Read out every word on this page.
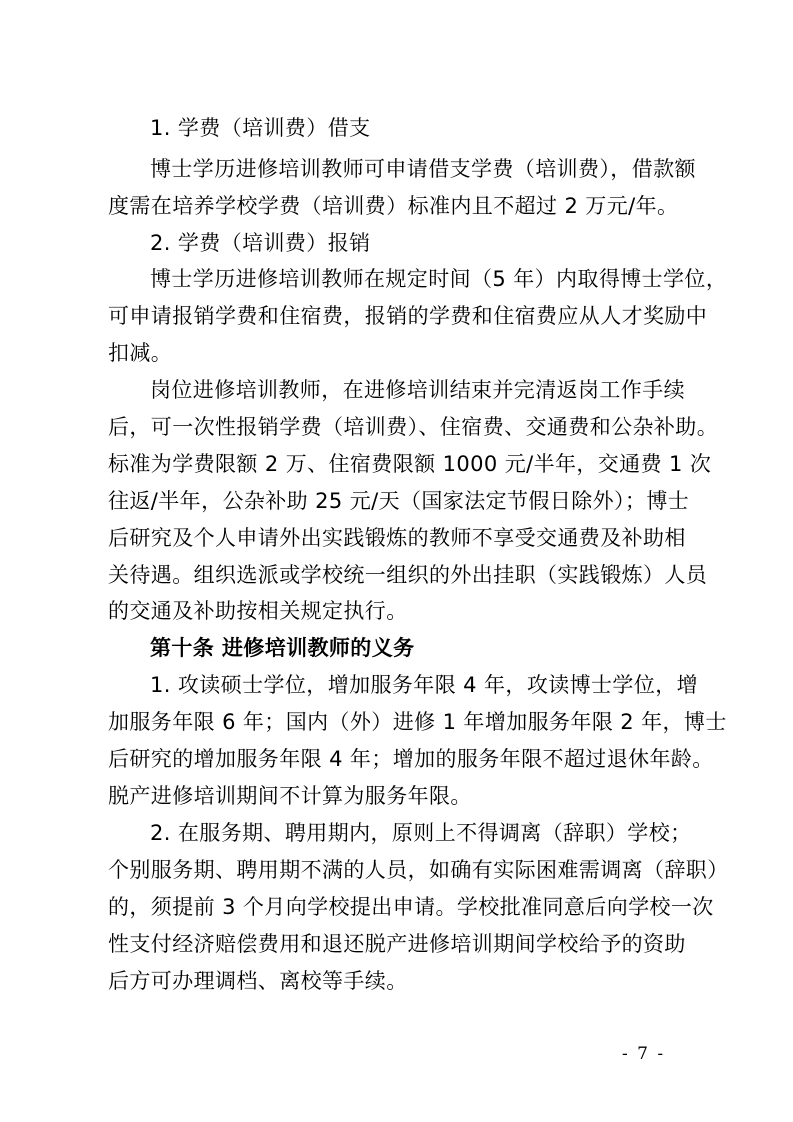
1. 学费（培训费）借支
博士学历进修培训教师可申请借支学费（培训费），借款额
度需在培养学校学费（培训费）标准内且不超过 2 万元/年。
2. 学费（培训费）报销
博士学历进修培训教师在规定时间（5 年）内取得博士学位，
可申请报销学费和住宿费，报销的学费和住宿费应从人才奖励中
扣减。
岗位进修培训教师，在进修培训结束并完清返岗工作手续
后，可一次性报销学费（培训费）、住宿费、交通费和公杂补助。
标准为学费限额 2 万、住宿费限额 1000 元/半年，交通费 1 次
往返/半年，公杂补助 25 元/天（国家法定节假日除外）；博士
后研究及个人申请外出实践锻炼的教师不享受交通费及补助相
关待遇。组织选派或学校统一组织的外出挂职（实践锻炼）人员
的交通及补助按相关规定执行。
第十条 进修培训教师的义务
1. 攻读硕士学位，增加服务年限 4 年，攻读博士学位，增
加服务年限 6 年；国内（外）进修 1 年增加服务年限 2 年，博士
后研究的增加服务年限 4 年；增加的服务年限不超过退休年龄。
脱产进修培训期间不计算为服务年限。
2. 在服务期、聘用期内，原则上不得调离（辞职）学校；
个别服务期、聘用期不满的人员，如确有实际困难需调离（辞职）
的，须提前 3 个月向学校提出申请。学校批准同意后向学校一次
性支付经济赔偿费用和退还脱产进修培训期间学校给予的资助
后方可办理调档、离校等手续。
- 7 -
